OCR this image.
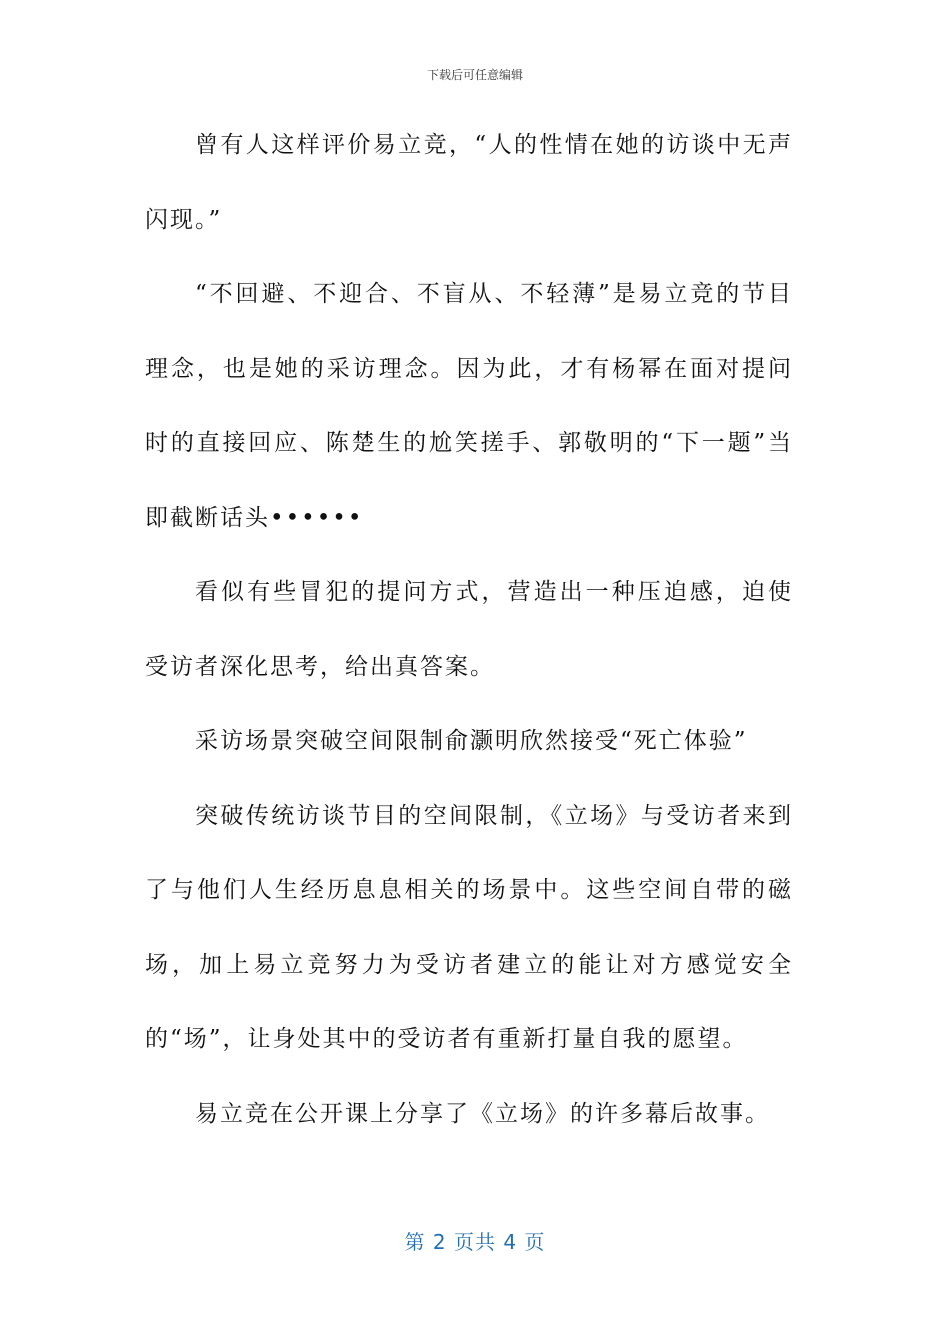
下载后可任意编辑

曾有人这样评价易立竞，“人的性情在她的访谈中无声闪现。”

“不回避、不迎合、不盲从、不轻薄”是易立竞的节目理念，也是她的采访理念。因为此，才有杨幂在面对提问时的直接回应、陈楚生的尬笑搓手、郭敬明的“下一题”当即截断话头••••••

看似有些冒犯的提问方式，营造出一种压迫感，迫使受访者深化思考，给出真答案。

采访场景突破空间限制俞灏明欣然接受“死亡体验”

突破传统访谈节目的空间限制，《立场》与受访者来到了与他们人生经历息息相关的场景中。这些空间自带的磁场，加上易立竞努力为受访者建立的能让对方感觉安全的“场”，让身处其中的受访者有重新打量自我的愿望。

易立竞在公开课上分享了《立场》的许多幕后故事。

第 2 页共 4 页
